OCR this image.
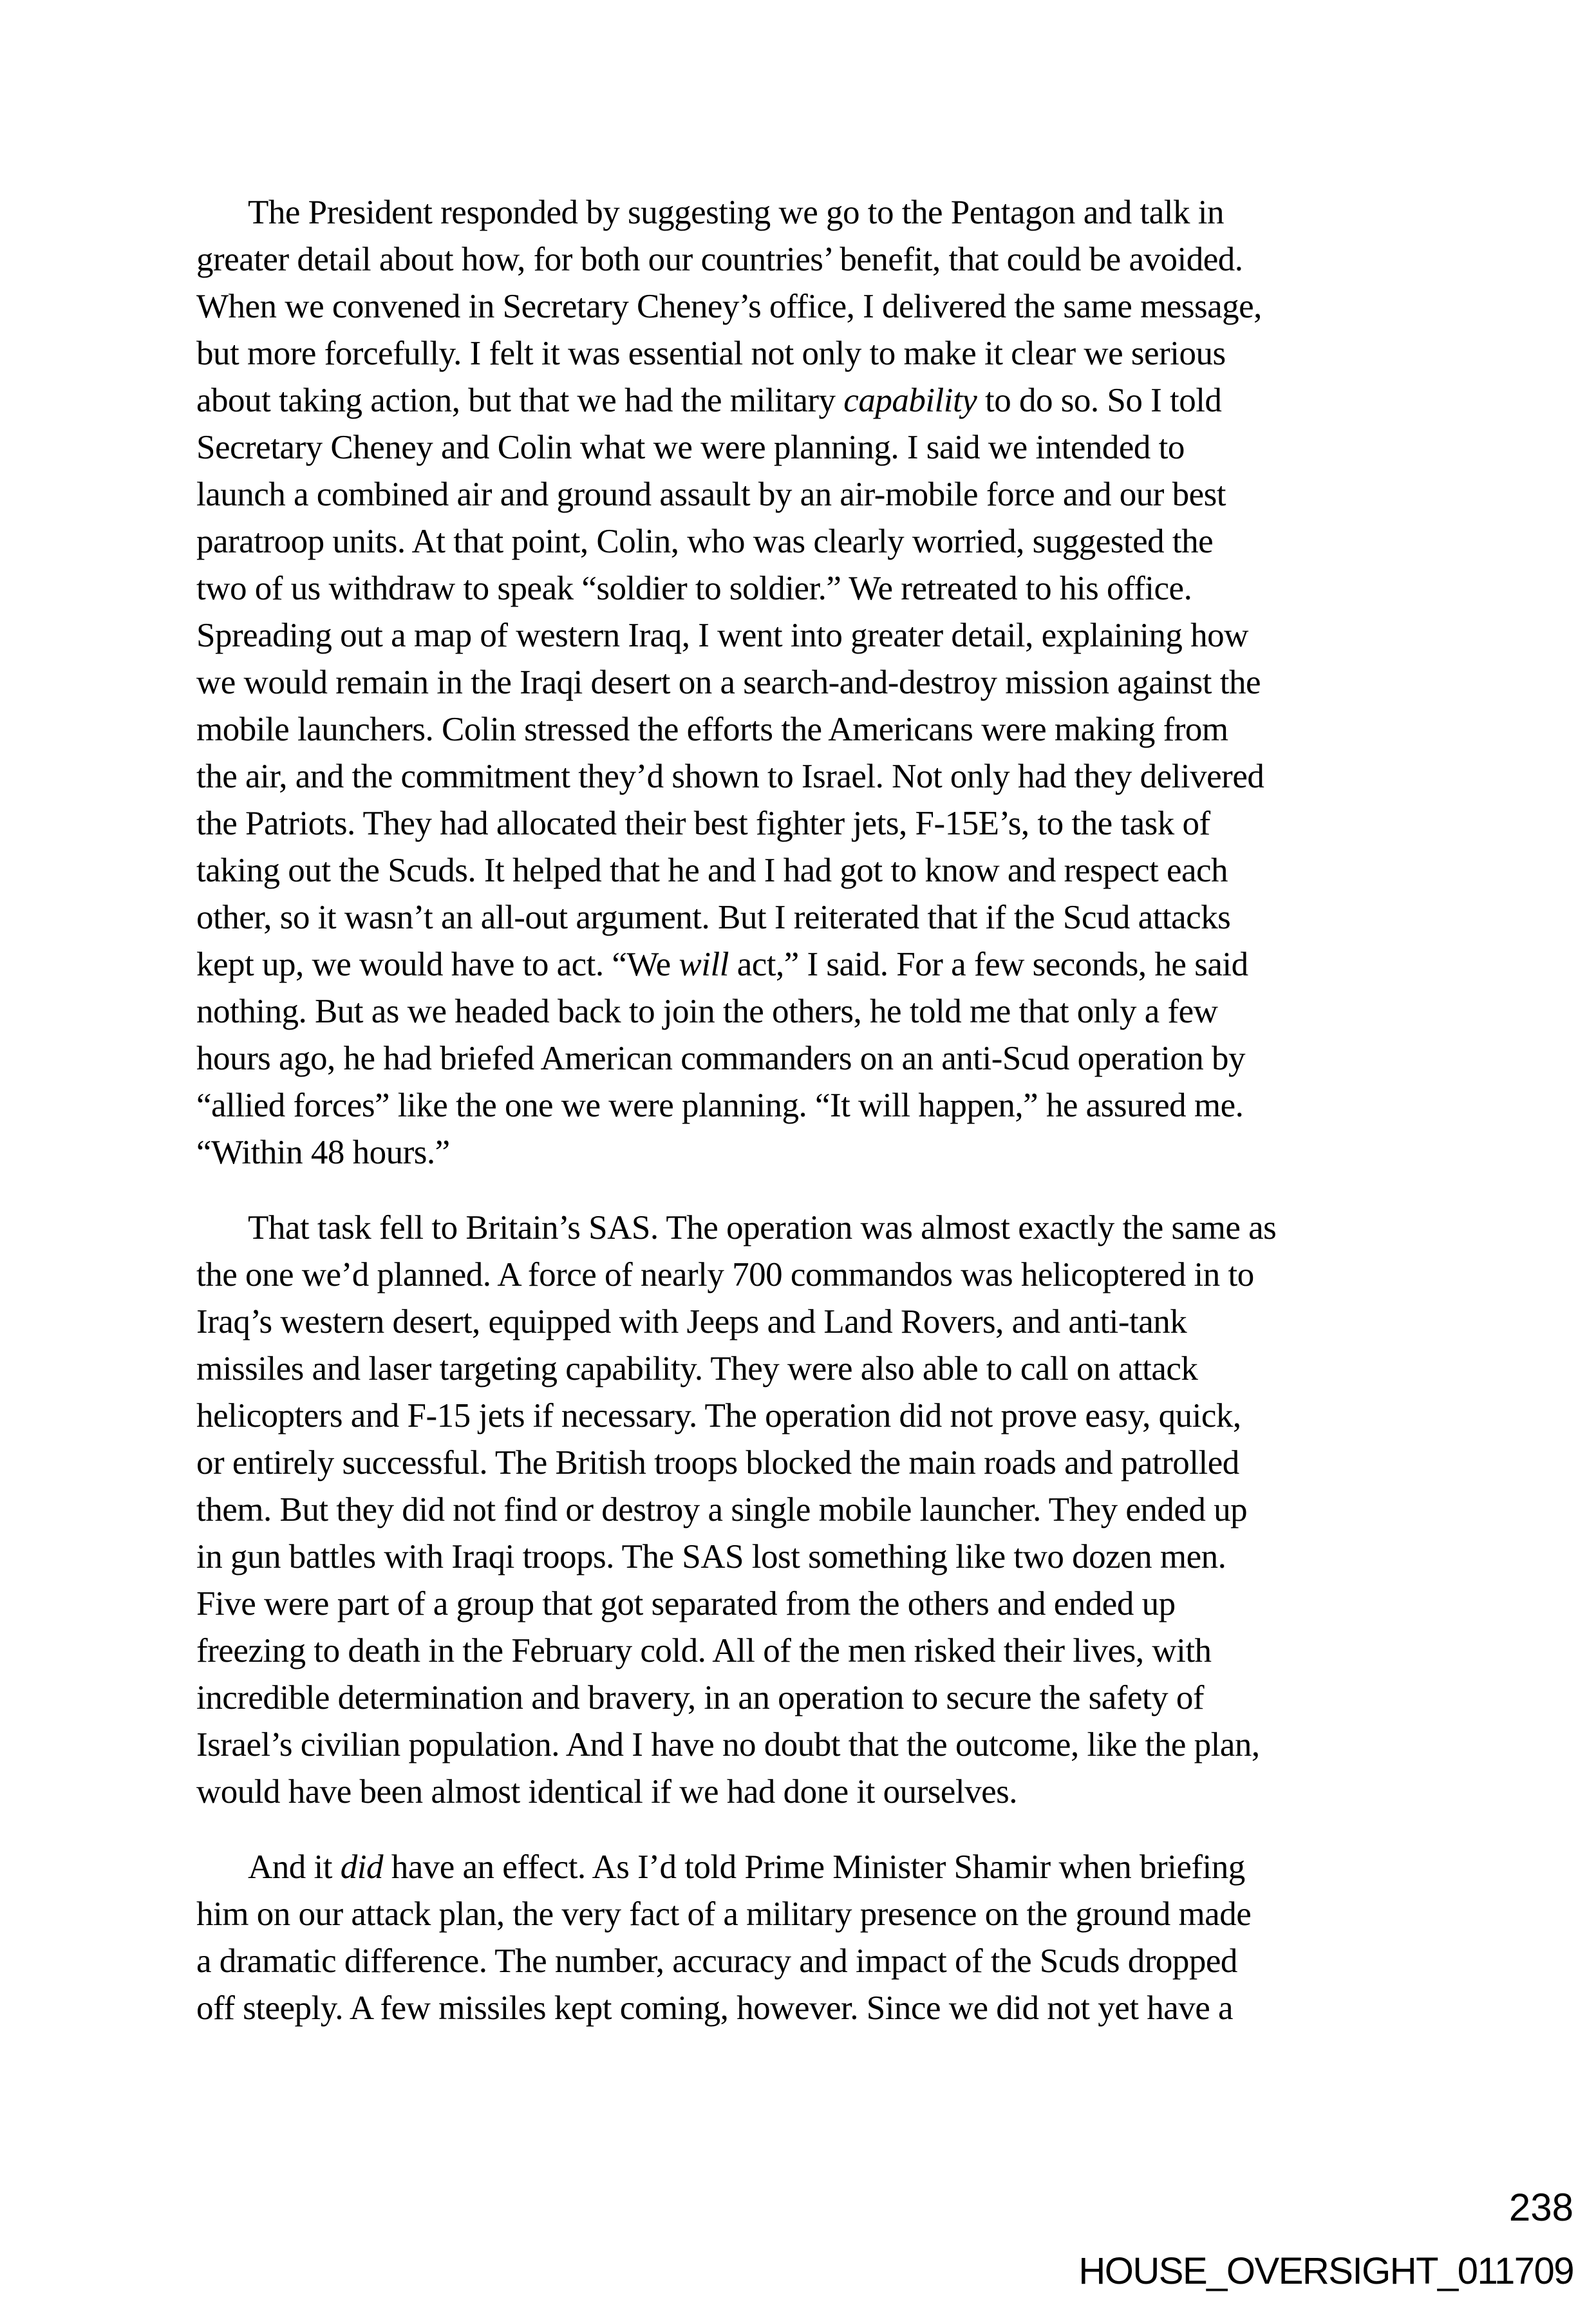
The President responded by suggesting we go to the Pentagon and talk in
greater detail about how, for both our countries’ benefit, that could be avoided.
When we convened in Secretary Cheney’s office, I delivered the same message,
but more forcefully. I felt it was essential not only to make it clear we serious
about taking action, but that we had the military capability to do so. So I told
Secretary Cheney and Colin what we were planning. I said we intended to
launch a combined air and ground assault by an air-mobile force and our best
paratroop units. At that point, Colin, who was clearly worried, suggested the
two of us withdraw to speak “soldier to soldier.” We retreated to his office.
Spreading out a map of western Iraq, I went into greater detail, explaining how
we would remain in the Iraqi desert on a search-and-destroy mission against the
mobile launchers. Colin stressed the efforts the Americans were making from
the air, and the commitment they’d shown to Israel. Not only had they delivered
the Patriots. They had allocated their best fighter jets, F-15E’s, to the task of
taking out the Scuds. It helped that he and I had got to know and respect each
other, so it wasn’t an all-out argument. But I reiterated that if the Scud attacks
kept up, we would have to act. “We will act,” I said. For a few seconds, he said
nothing. But as we headed back to join the others, he told me that only a few
hours ago, he had briefed American commanders on an anti-Scud operation by
“allied forces” like the one we were planning. “It will happen,” he assured me.
“Within 48 hours.”
That task fell to Britain’s SAS. The operation was almost exactly the same as
the one we’d planned. A force of nearly 700 commandos was helicoptered in to
Iraq’s western desert, equipped with Jeeps and Land Rovers, and anti-tank
missiles and laser targeting capability. They were also able to call on attack
helicopters and F-15 jets if necessary. The operation did not prove easy, quick,
or entirely successful. The British troops blocked the main roads and patrolled
them. But they did not find or destroy a single mobile launcher. They ended up
in gun battles with Iraqi troops. The SAS lost something like two dozen men.
Five were part of a group that got separated from the others and ended up
freezing to death in the February cold. All of the men risked their lives, with
incredible determination and bravery, in an operation to secure the safety of
Israel’s civilian population. And I have no doubt that the outcome, like the plan,
would have been almost identical if we had done it ourselves.
And it did have an effect. As I’d told Prime Minister Shamir when briefing
him on our attack plan, the very fact of a military presence on the ground made
a dramatic difference. The number, accuracy and impact of the Scuds dropped
off steeply. A few missiles kept coming, however. Since we did not yet have a
238
HOUSE_OVERSIGHT_011709
